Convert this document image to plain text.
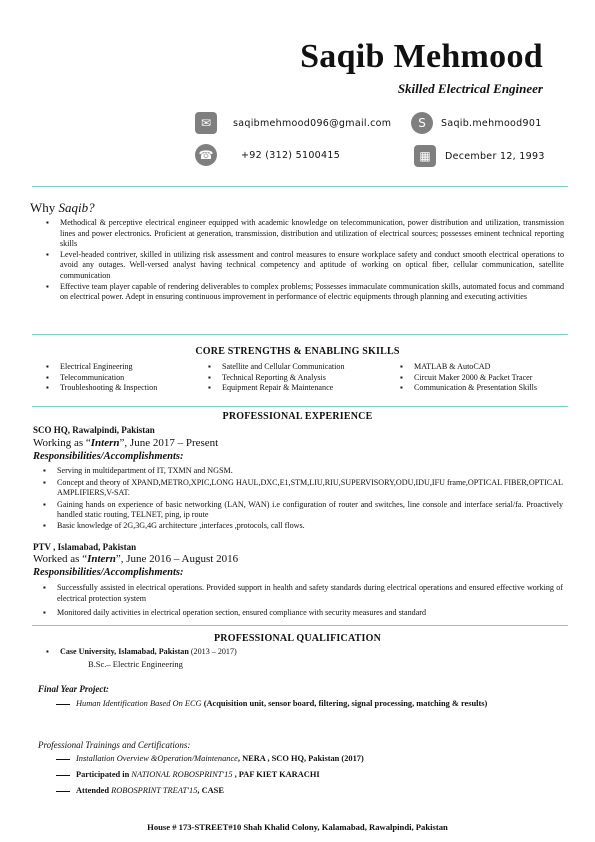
Saqib Mehmood
Skilled Electrical Engineer
✉	saqibmehmood096@gmail.com	S	Saqib.mehmood901
☎	+92 (312) 5100415	▦	December 12, 1993
Why Saqib?
▪ Methodical & perceptive electrical engineer equipped with academic knowledge on telecommunication, power distribution and utilization, transmission lines and power electronics. Proficient at generation, transmission, distribution and utilization of electrical sources; possesses eminent technical reporting skills
▪ Level-headed contriver, skilled in utilizing risk assessment and control measures to ensure workplace safety and conduct smooth electrical operations to avoid any outages. Well-versed analyst having technical competency and aptitude of working on optical fiber, cellular communication, satellite communication
▪ Effective team player capable of rendering deliverables to complex problems; Possesses immaculate communication skills, automated focus and command on electrical power. Adept in ensuring continuous improvement in performance of electric equipments through planning and executing activities
CORE STRENGTHS & ENABLING SKILLS
▪ Electrical Engineering
▪ Telecommunication
▪ Troubleshooting & Inspection
▪ Satellite and Cellular Communication
▪ Technical Reporting & Analysis
▪ Equipment Repair & Maintenance
▪ MATLAB & AutoCAD
▪ Circuit Maker 2000 & Packet Tracer
▪ Communication & Presentation Skills
PROFESSIONAL EXPERIENCE
SCO HQ, Rawalpindi, Pakistan
Working as “Intern”, June 2017 – Present
Responsibilities/Accomplishments:
▪ Serving in multidepartment of IT, TXMN and NGSM.
▪ Concept and theory of XPAND,METRO,XPIC,LONG HAUL,DXC,E1,STM,LIU,RIU,SUPERVISORY,ODU,IDU,IFU frame,OPTICAL FIBER,OPTICAL AMPLIFIERS,V-SAT.
▪ Gaining hands on experience of basic networking (LAN, WAN) i.e configuration of router and switches, line console and interface serial/fa. Proactively handled static routing, TELNET, ping, ip route
▪ Basic knowledge of 2G,3G,4G architecture ,interfaces ,protocols, call flows.
PTV , Islamabad, Pakistan
Worked as “Intern”, June 2016 – August 2016
Responsibilities/Accomplishments:
▪ Successfully assisted in electrical operations. Provided support in health and safety standards during electrical operations and ensured effective working of electrical protection system
▪ Monitored daily activities in electrical operation section, ensured compliance with security measures and standard
PROFESSIONAL QUALIFICATION
▪ Case University, Islamabad, Pakistan (2013 – 2017)
B.Sc.– Electric Engineering
Final Year Project:
Human Identification Based On ECG (Acquisition unit, sensor board, filtering, signal processing, matching & results)
Professional Trainings and Certifications:
Installation Overview &Operation/Maintenance, NERA , SCO HQ, Pakistan (2017)
Participated in NATIONAL ROBOSPRINT'15 , PAF KIET KARACHI
Attended ROBOSPRINT TREAT'15, CASE
House # 173-STREET#10 Shah Khalid Colony, Kalamabad, Rawalpindi, Pakistan
